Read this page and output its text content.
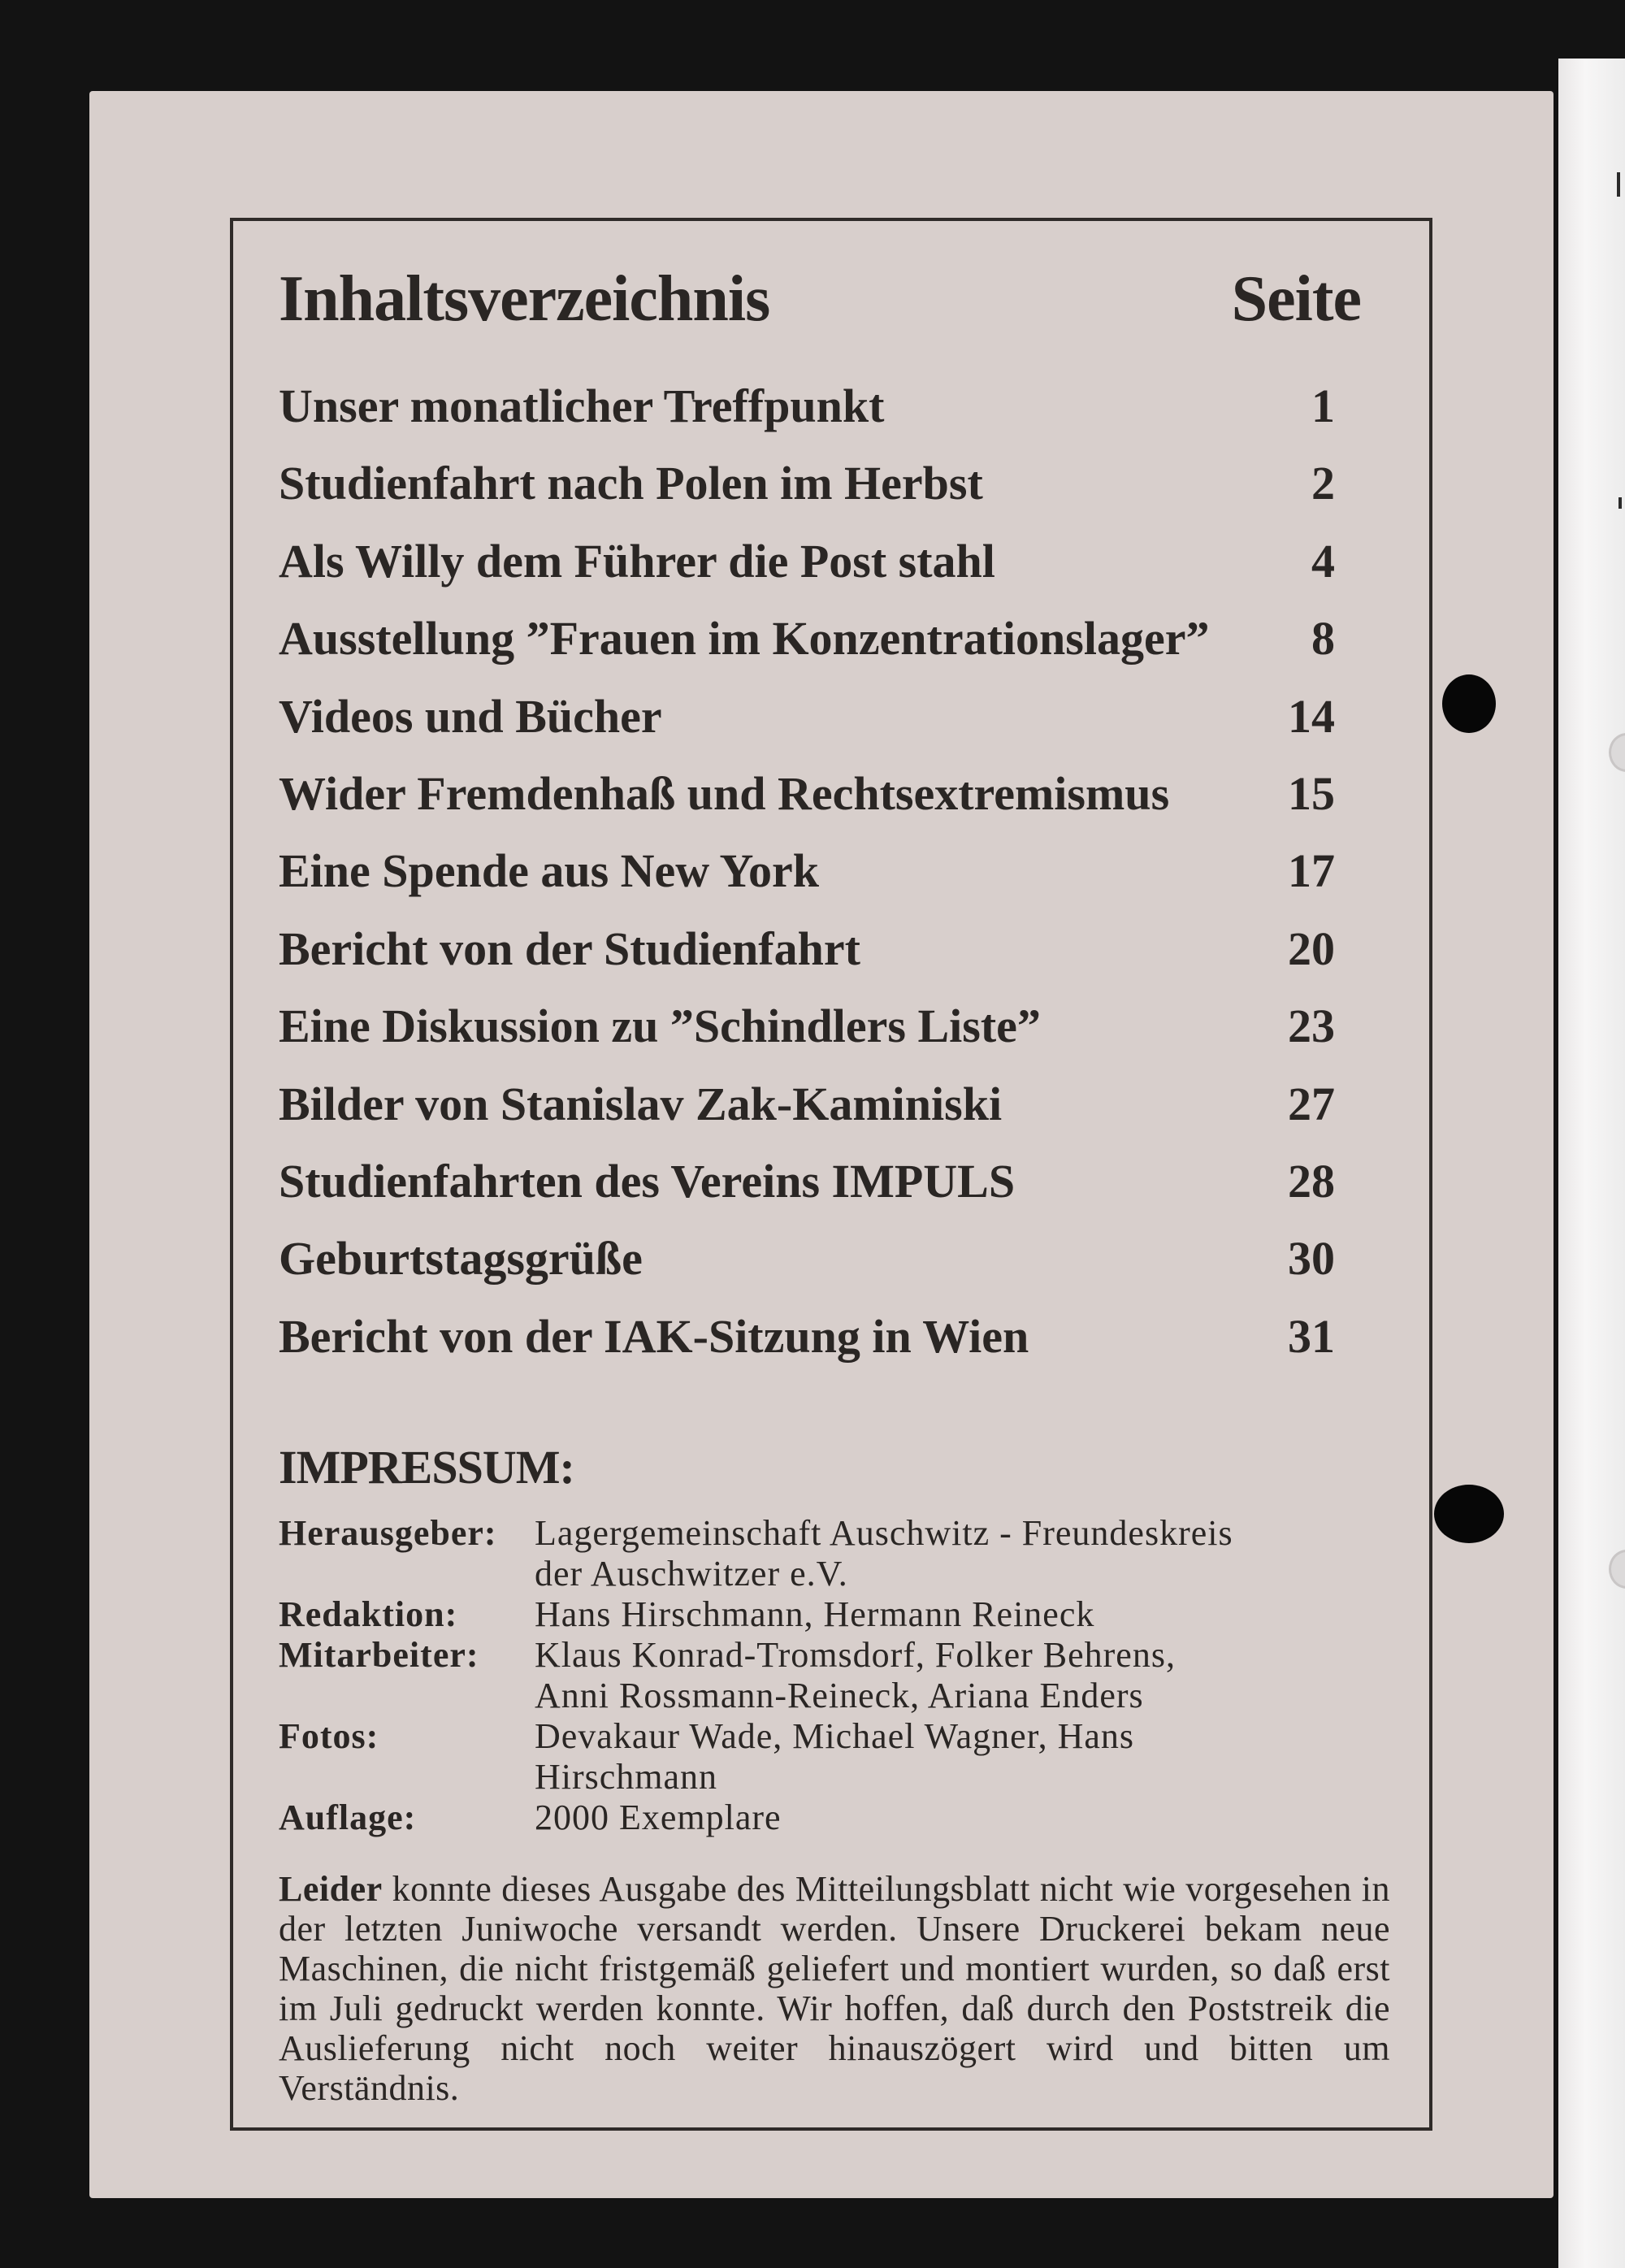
Inhaltsverzeichnis	Seite
Unser monatlicher Treffpunkt	1
Studienfahrt nach Polen im Herbst	2
Als Willy dem Führer die Post stahl	4
Ausstellung ”Frauen im Konzentrationslager”	8
Videos und Bücher	14
Wider Fremdenhaß und Rechtsextremismus	15
Eine Spende aus New York	17
Bericht von der Studienfahrt	20
Eine Diskussion zu ”Schindlers Liste”	23
Bilder von Stanislav Zak-Kaminiski	27
Studienfahrten des Vereins IMPULS	28
Geburtstagsgrüße	30
Bericht von der IAK-Sitzung in Wien	31
IMPRESSUM:
Herausgeber: Lagergemeinschaft Auschwitz - Freundeskreis
der Auschwitzer e.V.
Redaktion: Hans Hirschmann, Hermann Reineck
Mitarbeiter: Klaus Konrad-Tromsdorf, Folker Behrens,
Anni Rossmann-Reineck, Ariana Enders
Fotos:	Devakaur Wade, Michael Wagner, Hans
Hirschmann
Auflage:	2000 Exemplare

Leider konnte dieses Ausgabe des Mitteilungsblatt nicht wie vorgesehen in der letzten Juniwoche versandt werden. Unsere Druckerei bekam neue Maschinen, die nicht fristgemäß geliefert und montiert wurden, so daß erst im Juli gedruckt werden konnte. Wir hoffen, daß durch den Poststreik die Auslieferung nicht noch weiter hinauszögert wird und bitten um Verständnis.
